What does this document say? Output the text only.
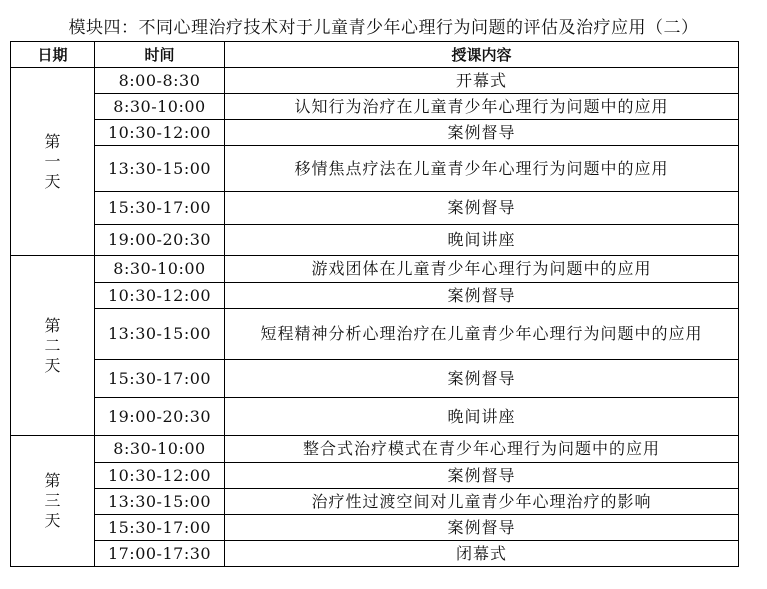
模块四：不同心理治疗技术对于儿童青少年心理行为问题的评估及治疗应用（二）
日期	时间	授课内容

第
一
天	8:00-8:30	开幕式
	8:30-10:00	认知行为治疗在儿童青少年心理行为问题中的应用
	10:30-12:00	案例督导
	13:30-15:00	移情焦点疗法在儿童青少年心理行为问题中的应用
	15:30-17:00	案例督导
	19:00-20:30	晚间讲座

第
二
天	8:30-10:00	游戏团体在儿童青少年心理行为问题中的应用
	10:30-12:00	案例督导
	13:30-15:00	短程精神分析心理治疗在儿童青少年心理行为问题中的应用
	15:30-17:00	案例督导
	19:00-20:30	晚间讲座

第
三
天	8:30-10:00	整合式治疗模式在青少年心理行为问题中的应用
	10:30-12:00	案例督导
	13:30-15:00	治疗性过渡空间对儿童青少年心理治疗的影响
	15:30-17:00	案例督导
	17:00-17:30	闭幕式
